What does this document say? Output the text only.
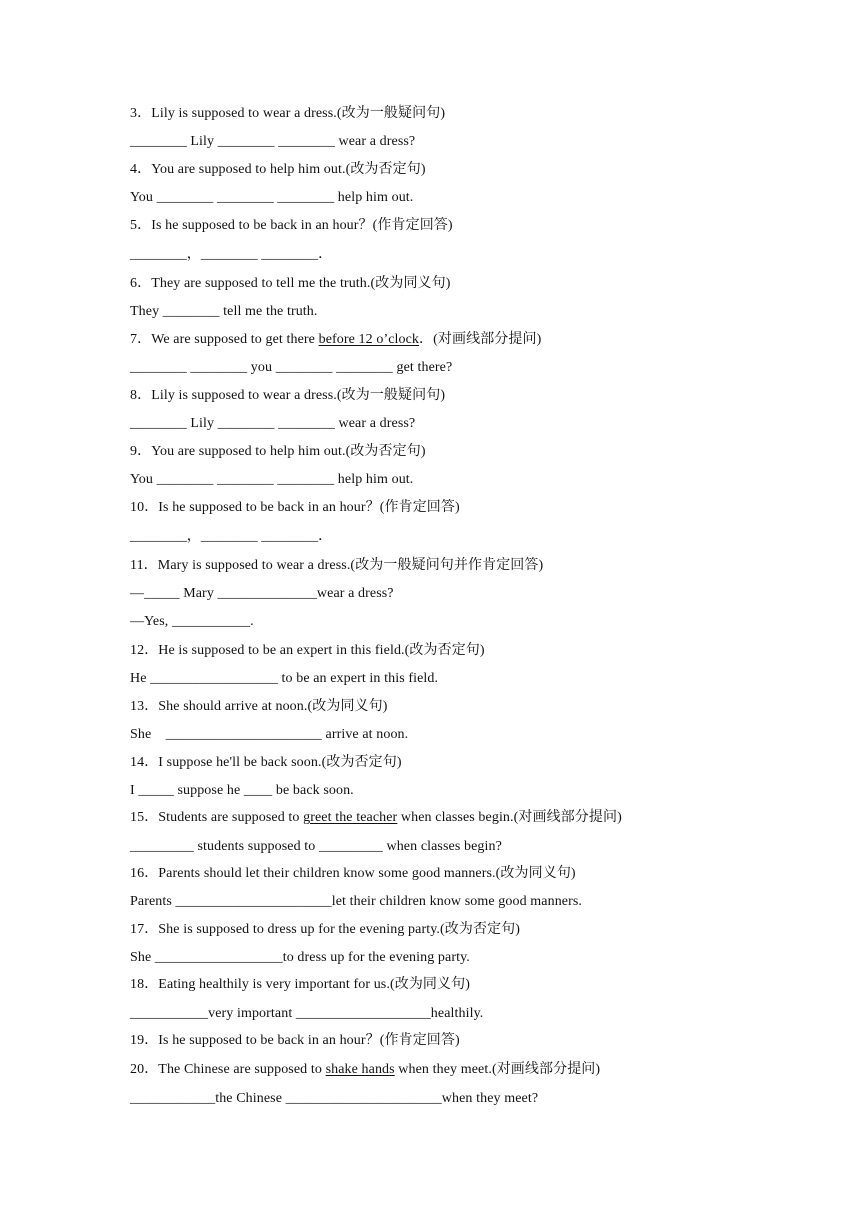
3．Lily is supposed to wear a dress.(改为一般疑问句)
________ Lily ________ ________ wear a dress?
4．You are supposed to help him out.(改为否定句)
You ________ ________ ________ help him out.
5．Is he supposed to be back in an hour？(作肯定回答)
________，________ ________．
6．They are supposed to tell me the truth.(改为同义句)
They ________ tell me the truth.
7．We are supposed to get there before 12 o’clock．(对画线部分提问)
________ ________ you ________ ________ get there?
8．Lily is supposed to wear a dress.(改为一般疑问句)
________ Lily ________ ________ wear a dress?
9．You are supposed to help him out.(改为否定句)
You ________ ________ ________ help him out.
10．Is he supposed to be back in an hour？(作肯定回答)
________，________ ________．
11．Mary is supposed to wear a dress.(改为一般疑问句并作肯定回答)
—_____ Mary ______________wear a dress?
—Yes, ___________.
12．He is supposed to be an expert in this field.(改为否定句)
He __________________ to be an expert in this field.
13．She should arrive at noon.(改为同义句)
She    ______________________ arrive at noon.
14．I suppose he'll be back soon.(改为否定句)
I _____ suppose he ____ be back soon.
15．Students are supposed to greet the teacher when classes begin.(对画线部分提问)
_________ students supposed to _________ when classes begin?
16．Parents should let their children know some good manners.(改为同义句)
Parents ______________________let their children know some good manners.
17．She is supposed to dress up for the evening party.(改为否定句)
She __________________to dress up for the evening party.
18．Eating healthily is very important for us.(改为同义句)
___________very important ___________________healthily.
19．Is he supposed to be back in an hour？(作肯定回答)
20．The Chinese are supposed to shake hands when they meet.(对画线部分提问)
____________the Chinese ______________________when they meet?
